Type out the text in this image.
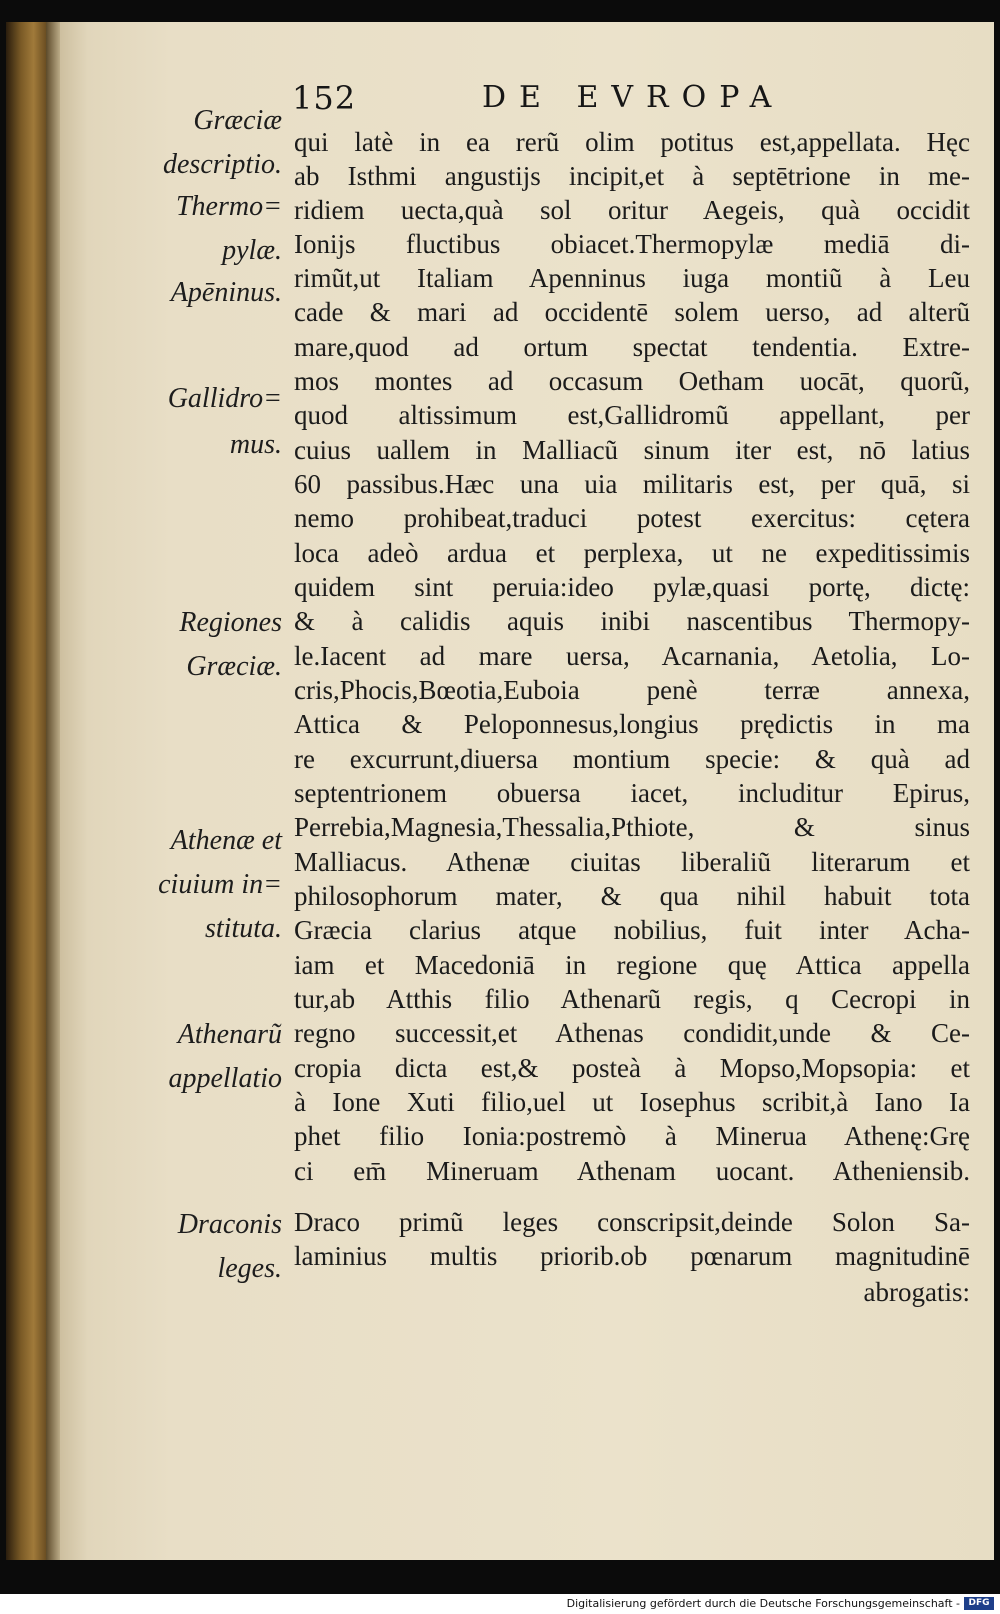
152	DE EVROPA
qui latè in ea rerũ olim potitus est,appellata. Hęc
ab Isthmi angustijs incipit,et à septētrione in me-
ridiem uecta,quà sol oritur Aegeis, quà occidit
Ionijs fluctibus obiacet.Thermopylæ mediā di-
rimũt,ut Italiam Apenninus iuga montiũ à Leu
cade & mari ad occidentē solem uerso, ad alterũ
mare,quod ad ortum spectat tendentia. Extre-
mos montes ad occasum Oetham uocāt, quorũ,
quod altissimum est,Gallidromũ appellant, per
cuius uallem in Malliacũ sinum iter est, nō latius
60 passibus.Hæc una uia militaris est, per quā, si
nemo prohibeat,traduci potest exercitus: cętera
loca adeò ardua et perplexa, ut ne expeditissimis
quidem sint peruia:ideo pylæ,quasi portę, dictę:
& à calidis aquis inibi nascentibus Thermopy-
le.Iacent ad mare uersa, Acarnania, Aetolia, Lo-
cris,Phocis,Bœotia,Euboia penè terræ annexa,
Attica & Peloponnesus,longius prędictis in ma
re excurrunt,diuersa montium specie: & quà ad
septentrionem obuersa iacet, includitur Epirus,
Perrebia,Magnesia,Thessalia,Pthiote, & sinus
Malliacus. Athenæ ciuitas liberaliũ literarum et
philosophorum mater, & qua nihil habuit tota
Græcia clarius atque nobilius, fuit inter Acha-
iam et Macedoniā in regione quę Attica appella
tur,ab Atthis filio Athenarũ regis, q Cecropi in
regno successit,et Athenas condidit,unde & Ce-
cropia dicta est,& posteà à Mopso,Mopsopia: et
à Ione Xuti filio,uel ut Iosephus scribit,à Iano Ia
phet filio Ionia:postremò à Minerua Athenę:Grę
ci em̄ Mineruam Athenam uocant. Atheniensib.
Draco primũ leges conscripsit,deinde Solon Sa-
laminius multis priorib.ob pœnarum magnitudinē
abrogatis:
Græciæ
descriptio.
Thermo=
pylæ.
Apēninus.
Gallidro=
mus.
Regiones
Græciæ.
Athenæ et
ciuium in=
stituta.
Athenarũ
appellatio
Draconis
leges.
Digitalisierung gefördert durch die Deutsche Forschungsgemeinschaft - DFG
